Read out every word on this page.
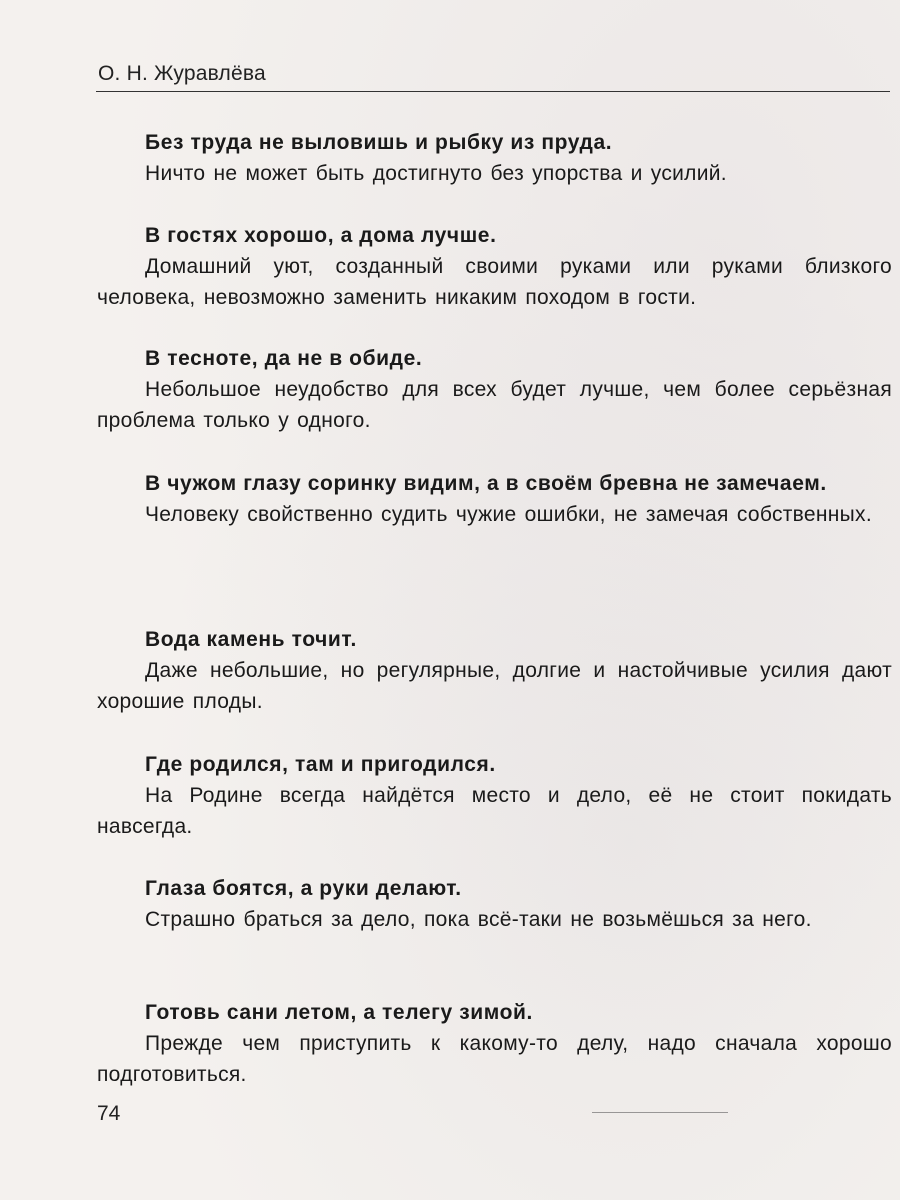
О. Н. Журавлёва
Без труда не выловишь и рыбку из пруда.
Ничто не может быть достигнуто без упорства и усилий.
В гостях хорошо, а дома лучше.
Домашний уют, созданный своими руками или руками близкого человека, невозможно заменить никаким походом в гости.
В тесноте, да не в обиде.
Небольшое неудобство для всех будет лучше, чем более серьёзная проблема только у одного.
В чужом глазу соринку видим, а в своём бревна не замечаем.
Человеку свойственно судить чужие ошибки, не замечая собственных.
Вода камень точит.
Даже небольшие, но регулярные, долгие и настойчивые усилия дают хорошие плоды.
Где родился, там и пригодился.
На Родине всегда найдётся место и дело, её не стоит покидать навсегда.
Глаза боятся, а руки делают.
Страшно браться за дело, пока всё-таки не возьмёшься за него.
Готовь сани летом, а телегу зимой.
Прежде чем приступить к какому-то делу, надо сначала хорошо подготовиться.
74
